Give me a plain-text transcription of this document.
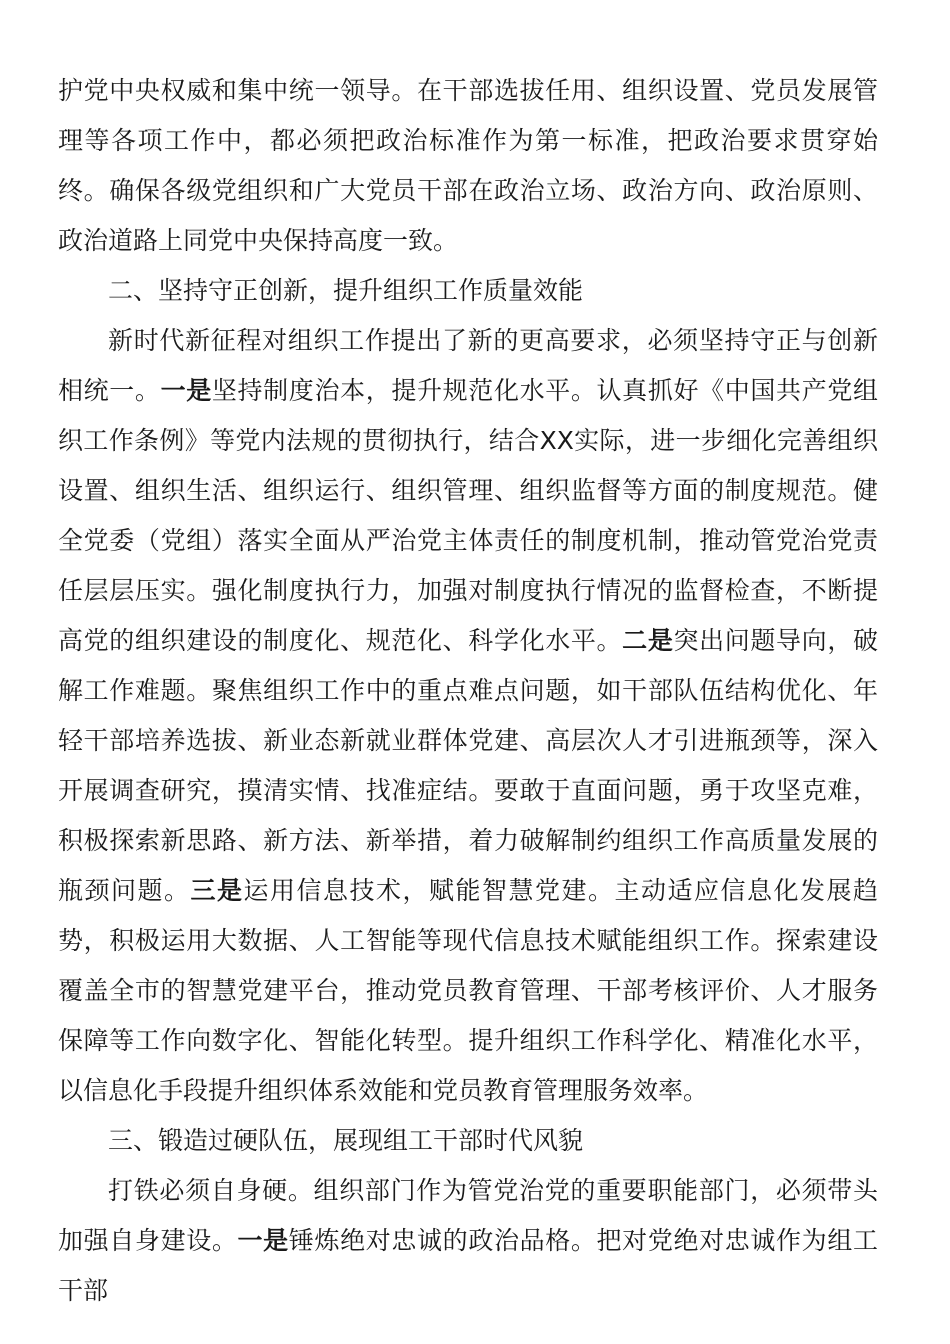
护党中央权威和集中统一领导。在干部选拔任用、组织设置、党员发展管理等各项工作中，都必须把政治标准作为第一标准，把政治要求贯穿始终。确保各级党组织和广大党员干部在政治立场、政治方向、政治原则、政治道路上同党中央保持高度一致。

二、坚持守正创新，提升组织工作质量效能

新时代新征程对组织工作提出了新的更高要求，必须坚持守正与创新相统一。一是坚持制度治本，提升规范化水平。认真抓好《中国共产党组织工作条例》等党内法规的贯彻执行，结合XX实际，进一步细化完善组织设置、组织生活、组织运行、组织管理、组织监督等方面的制度规范。健全党委（党组）落实全面从严治党主体责任的制度机制，推动管党治党责任层层压实。强化制度执行力，加强对制度执行情况的监督检查，不断提高党的组织建设的制度化、规范化、科学化水平。二是突出问题导向，破解工作难题。聚焦组织工作中的重点难点问题，如干部队伍结构优化、年轻干部培养选拔、新业态新就业群体党建、高层次人才引进瓶颈等，深入开展调查研究，摸清实情、找准症结。要敢于直面问题，勇于攻坚克难，积极探索新思路、新方法、新举措，着力破解制约组织工作高质量发展的瓶颈问题。三是运用信息技术，赋能智慧党建。主动适应信息化发展趋势，积极运用大数据、人工智能等现代信息技术赋能组织工作。探索建设覆盖全市的智慧党建平台，推动党员教育管理、干部考核评价、人才服务保障等工作向数字化、智能化转型。提升组织工作科学化、精准化水平，以信息化手段提升组织体系效能和党员教育管理服务效率。

三、锻造过硬队伍，展现组工干部时代风貌

打铁必须自身硬。组织部门作为管党治党的重要职能部门，必须带头加强自身建设。一是锤炼绝对忠诚的政治品格。把对党绝对忠诚作为组工干部
